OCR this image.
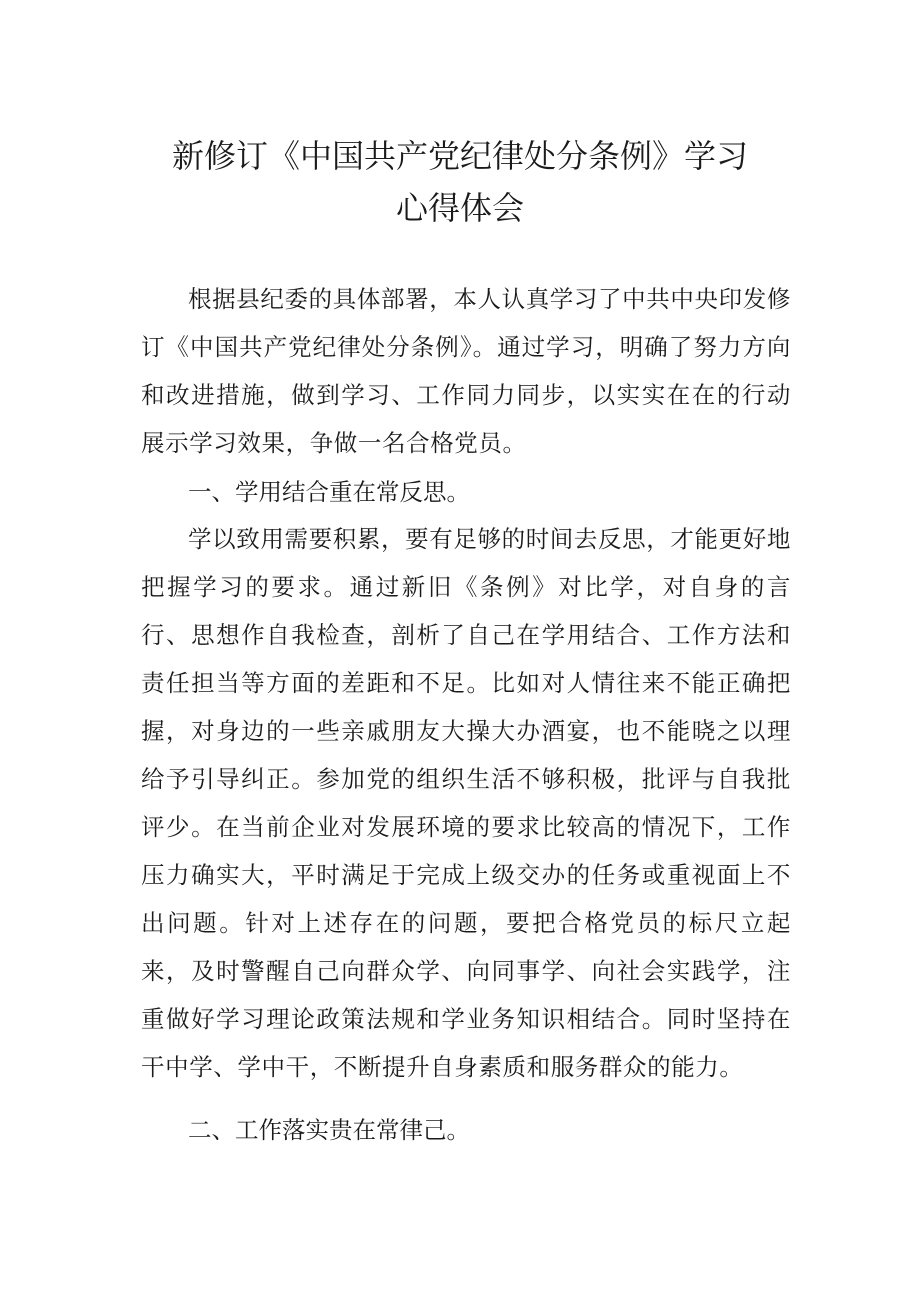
新修订《中国共产党纪律处分条例》学习
心得体会

根据县纪委的具体部署，本人认真学习了中共中央印发修订《中国共产党纪律处分条例》。通过学习，明确了努力方向和改进措施，做到学习、工作同力同步，以实实在在的行动展示学习效果，争做一名合格党员。

一、学用结合重在常反思。

学以致用需要积累，要有足够的时间去反思，才能更好地把握学习的要求。通过新旧《条例》对比学，对自身的言行、思想作自我检查，剖析了自己在学用结合、工作方法和责任担当等方面的差距和不足。比如对人情往来不能正确把握，对身边的一些亲戚朋友大操大办酒宴，也不能晓之以理给予引导纠正。参加党的组织生活不够积极，批评与自我批评少。在当前企业对发展环境的要求比较高的情况下，工作压力确实大，平时满足于完成上级交办的任务或重视面上不出问题。针对上述存在的问题，要把合格党员的标尺立起来，及时警醒自己向群众学、向同事学、向社会实践学，注重做好学习理论政策法规和学业务知识相结合。同时坚持在干中学、学中干，不断提升自身素质和服务群众的能力。

二、工作落实贵在常律己。
